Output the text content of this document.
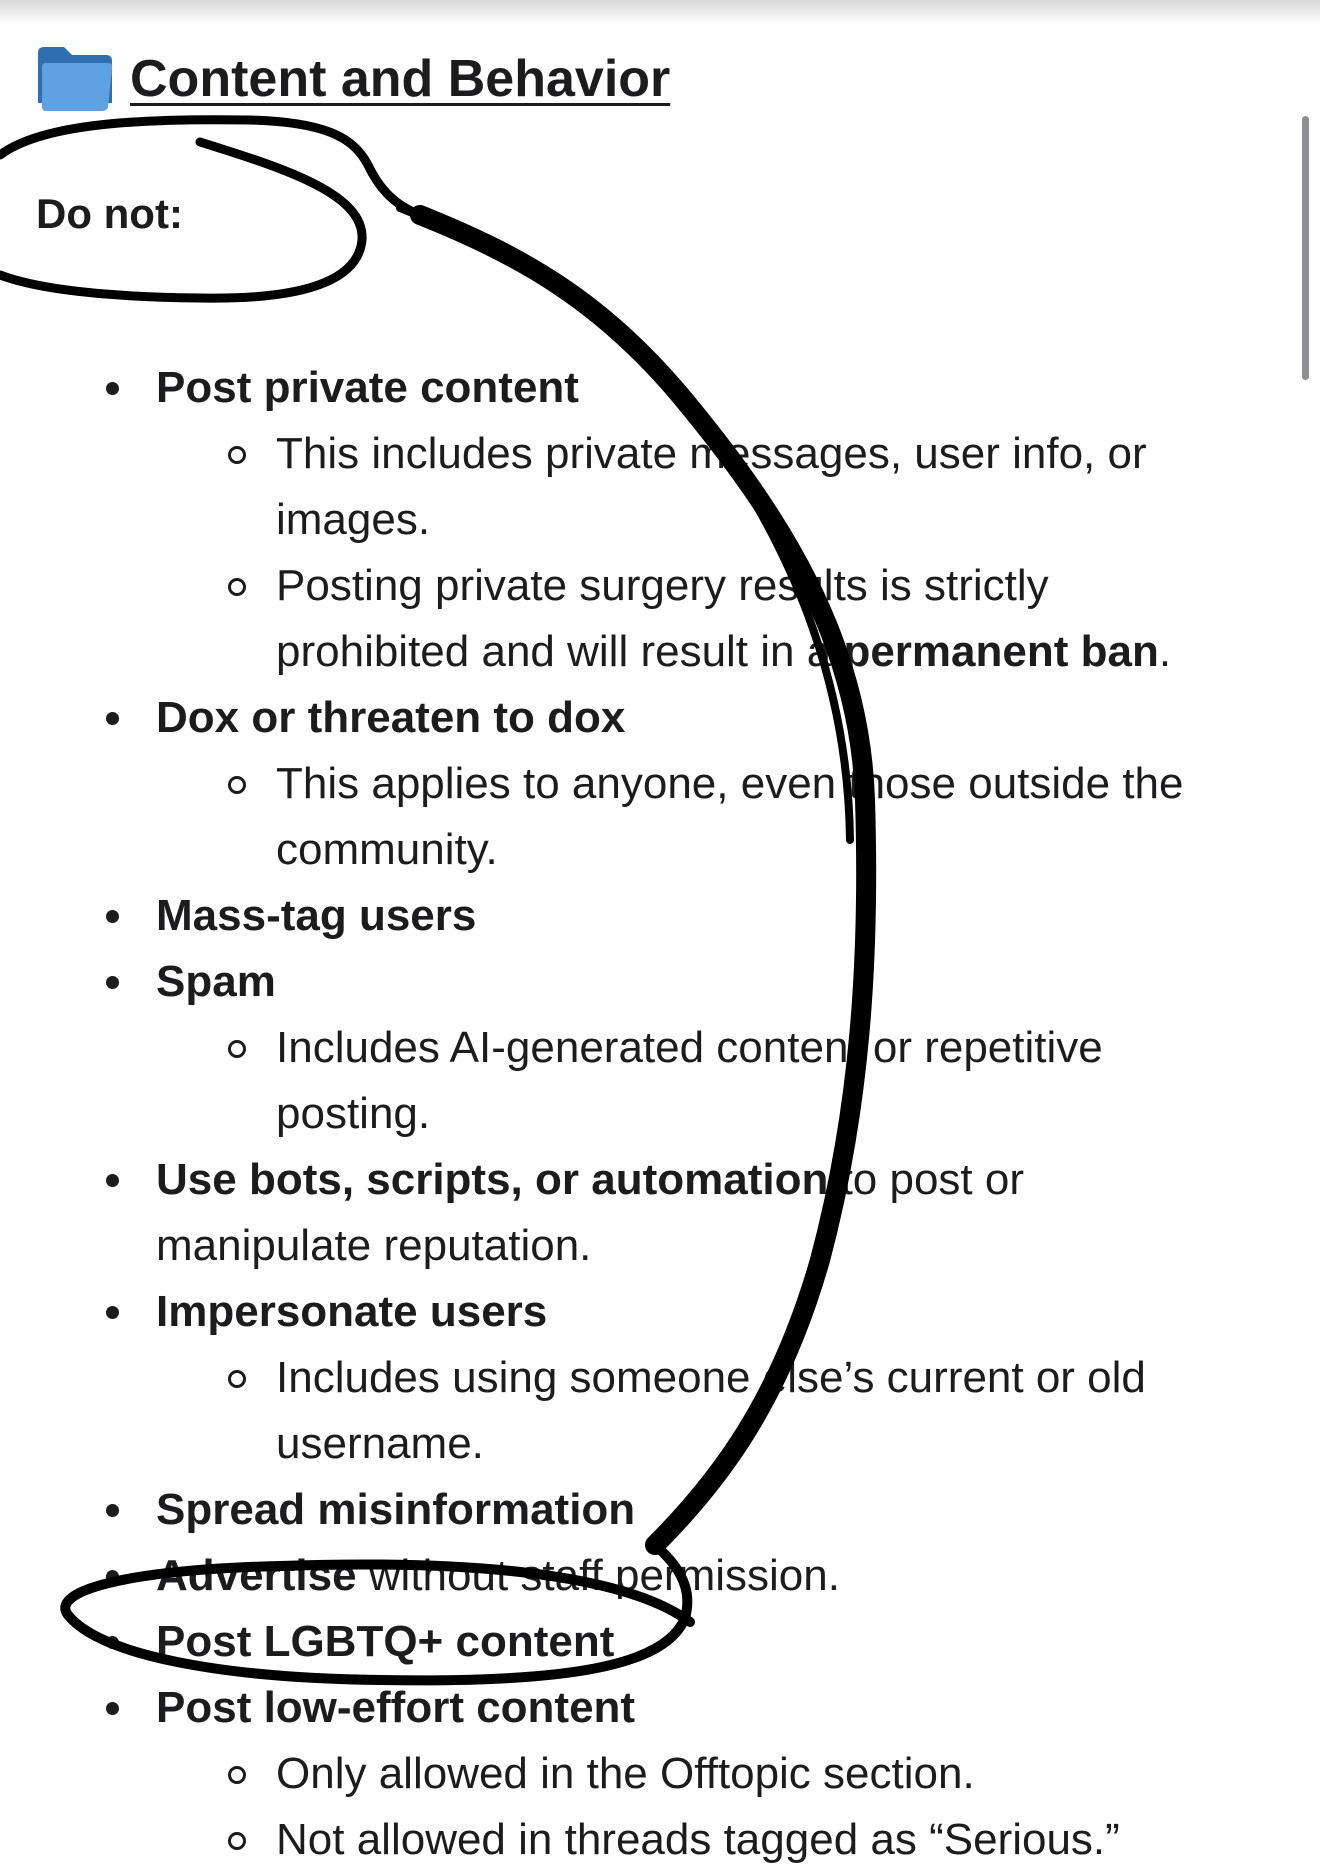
Content and Behavior
Do not:
Post private content
This includes private messages, user info, or images.
Posting private surgery results is strictly prohibited and will result in a permanent ban.
Dox or threaten to dox
This applies to anyone, even those outside the community.
Mass-tag users
Spam
Includes AI-generated content or repetitive posting.
Use bots, scripts, or automation to post or manipulate reputation.
Impersonate users
Includes using someone else’s current or old username.
Spread misinformation
Advertise without staff permission.
Post LGBTQ+ content
Post low-effort content
Only allowed in the Offtopic section.
Not allowed in threads tagged as “Serious.”
